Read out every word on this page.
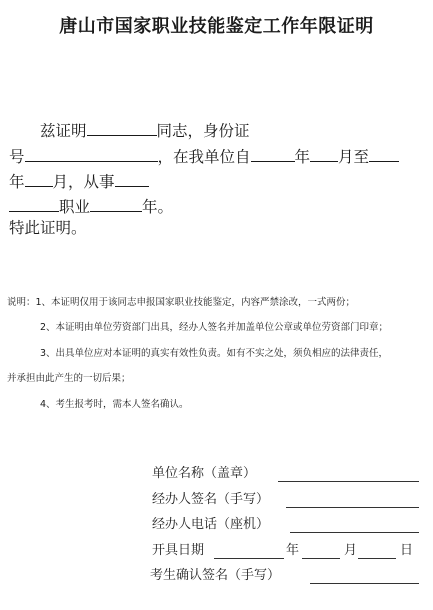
唐山市国家职业技能鉴定工作年限证明
兹证明	同志，身份证
号	，在我单位自	年 月至
年 月，从事
职业	年。
特此证明。
说明：1、本证明仅用于该同志申报国家职业技能鉴定，内容严禁涂改，一式两份；
2、本证明由单位劳资部门出具，经办人签名并加盖单位公章或单位劳资部门印章；
3、出具单位应对本证明的真实有效性负责。如有不实之处，须负相应的法律责任，
并承担由此产生的一切后果；
4、考生报考时，需本人签名确认。
单位名称（盖章）
经办人签名（手写）
经办人电话（座机）
开具日期	年	月	日
考生确认签名（手写）
